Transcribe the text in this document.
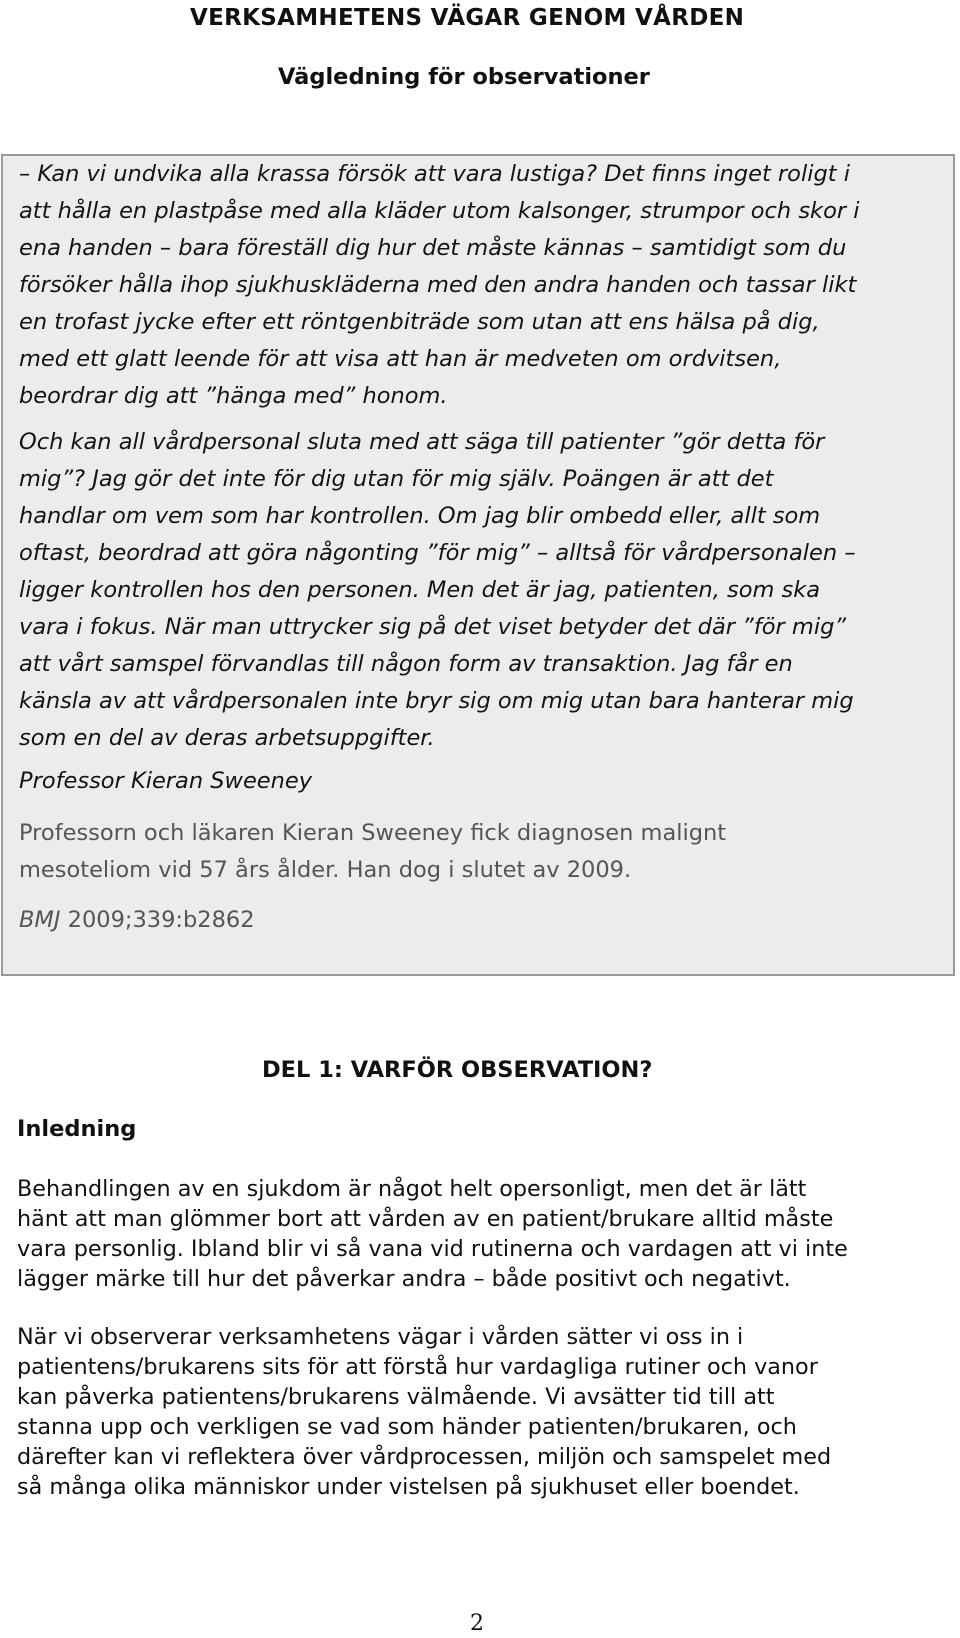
VERKSAMHETENS VÄGAR GENOM VÅRDEN
Vägledning för observationer

– Kan vi undvika alla krassa försök att vara lustiga? Det finns inget roligt i
att hålla en plastpåse med alla kläder utom kalsonger, strumpor och skor i
ena handen – bara föreställ dig hur det måste kännas – samtidigt som du
försöker hålla ihop sjukhuskläderna med den andra handen och tassar likt
en trofast jycke efter ett röntgenbiträde som utan att ens hälsa på dig,
med ett glatt leende för att visa att han är medveten om ordvitsen,
beordrar dig att ”hänga med” honom.

Och kan all vårdpersonal sluta med att säga till patienter ”gör detta för
mig”? Jag gör det inte för dig utan för mig själv. Poängen är att det
handlar om vem som har kontrollen. Om jag blir ombedd eller, allt som
oftast, beordrad att göra någonting ”för mig” – alltså för vårdpersonalen –
ligger kontrollen hos den personen. Men det är jag, patienten, som ska
vara i fokus. När man uttrycker sig på det viset betyder det där ”för mig”
att vårt samspel förvandlas till någon form av transaktion. Jag får en
känsla av att vårdpersonalen inte bryr sig om mig utan bara hanterar mig
som en del av deras arbetsuppgifter.

Professor Kieran Sweeney

Professorn och läkaren Kieran Sweeney fick diagnosen malignt
mesoteliom vid 57 års ålder. Han dog i slutet av 2009.

BMJ 2009;339:b2862

DEL 1: VARFÖR OBSERVATION?
Inledning

Behandlingen av en sjukdom är något helt opersonligt, men det är lätt
hänt att man glömmer bort att vården av en patient/brukare alltid måste
vara personlig. Ibland blir vi så vana vid rutinerna och vardagen att vi inte
lägger märke till hur det påverkar andra – både positivt och negativt.

När vi observerar verksamhetens vägar i vården sätter vi oss in i
patientens/brukarens sits för att förstå hur vardagliga rutiner och vanor
kan påverka patientens/brukarens välmående. Vi avsätter tid till att
stanna upp och verkligen se vad som händer patienten/brukaren, och
därefter kan vi reflektera över vårdprocessen, miljön och samspelet med
så många olika människor under vistelsen på sjukhuset eller boendet.

2
